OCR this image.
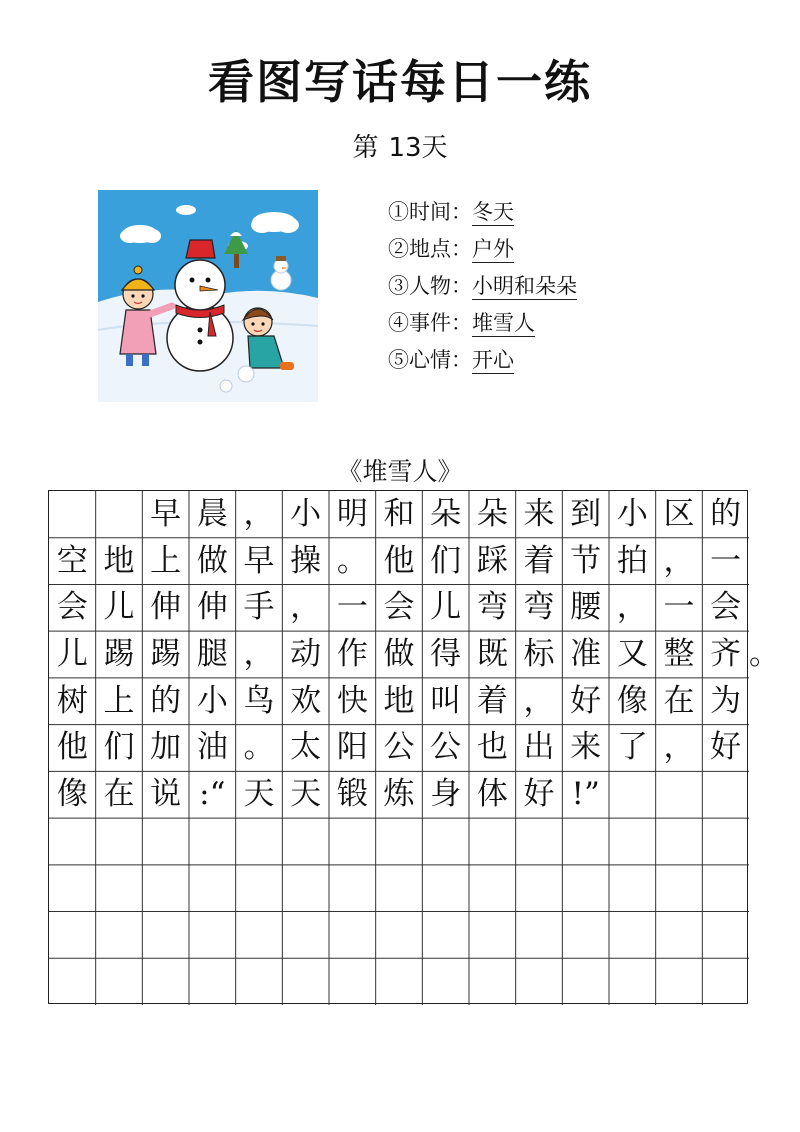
看图写话每日一练
第 13天
①时间：冬天
②地点：户外
③人物：小明和朵朵
④事件：堆雪人
⑤心情：开心
《堆雪人》
早 晨 ， 小 明 和 朵 朵 来 到 小 区 的
空 地 上 做 早 操 。 他 们 踩 着 节 拍 ， 一
会 儿 伸 伸 手 ， 一 会 儿 弯 弯 腰 ， 一 会
儿 踢 踢 腿 ， 动 作 做 得 既 标 准 又 整 齐 。
树 上 的 小 鸟 欢 快 地 叫 着 ， 好 像 在 为
他 们 加 油 。 太 阳 公 公 也 出 来 了 ， 好
像 在 说 :“ 天 天 锻 炼 身 体 好 !”
